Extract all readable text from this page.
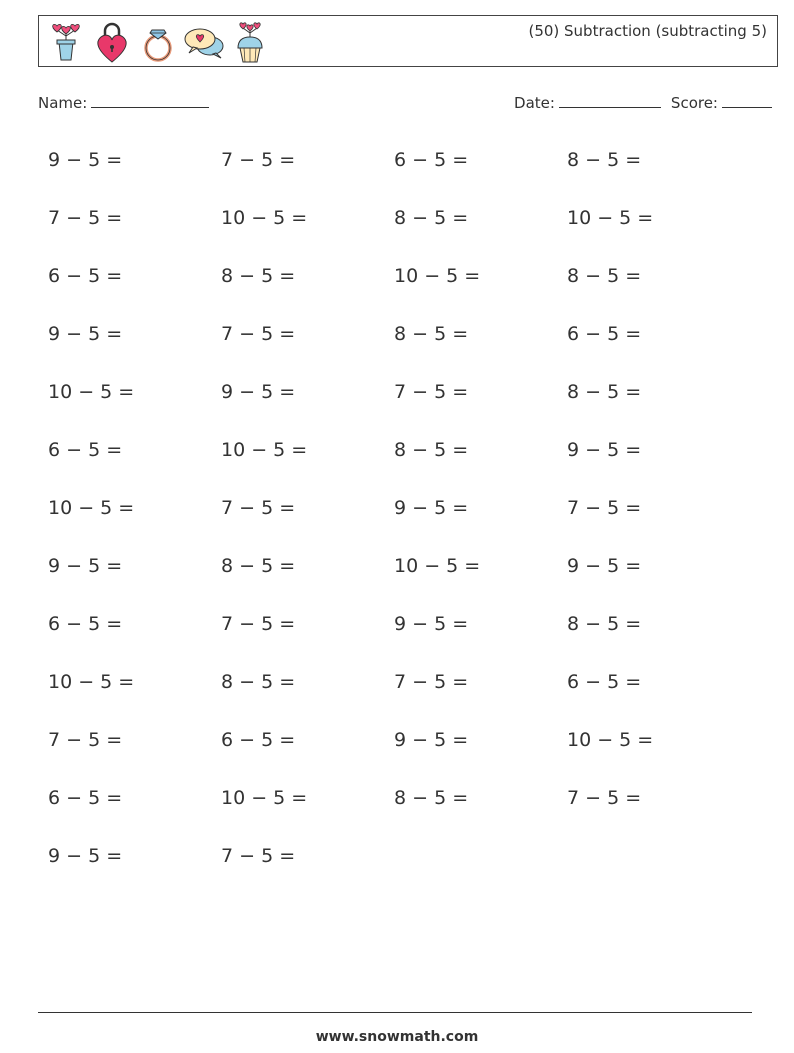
(50) Subtraction (subtracting 5)
Name:	Date:	Score:
9 − 5 =	7 − 5 =	6 − 5 =	8 − 5 =
7 − 5 =	10 − 5 =	8 − 5 =	10 − 5 =
6 − 5 =	8 − 5 =	10 − 5 =	8 − 5 =
9 − 5 =	7 − 5 =	8 − 5 =	6 − 5 =
10 − 5 =	9 − 5 =	7 − 5 =	8 − 5 =
6 − 5 =	10 − 5 =	8 − 5 =	9 − 5 =
10 − 5 =	7 − 5 =	9 − 5 =	7 − 5 =
9 − 5 =	8 − 5 =	10 − 5 =	9 − 5 =
6 − 5 =	7 − 5 =	9 − 5 =	8 − 5 =
10 − 5 =	8 − 5 =	7 − 5 =	6 − 5 =
7 − 5 =	6 − 5 =	9 − 5 =	10 − 5 =
6 − 5 =	10 − 5 =	8 − 5 =	7 − 5 =
9 − 5 =	7 − 5 =
www.snowmath.com
